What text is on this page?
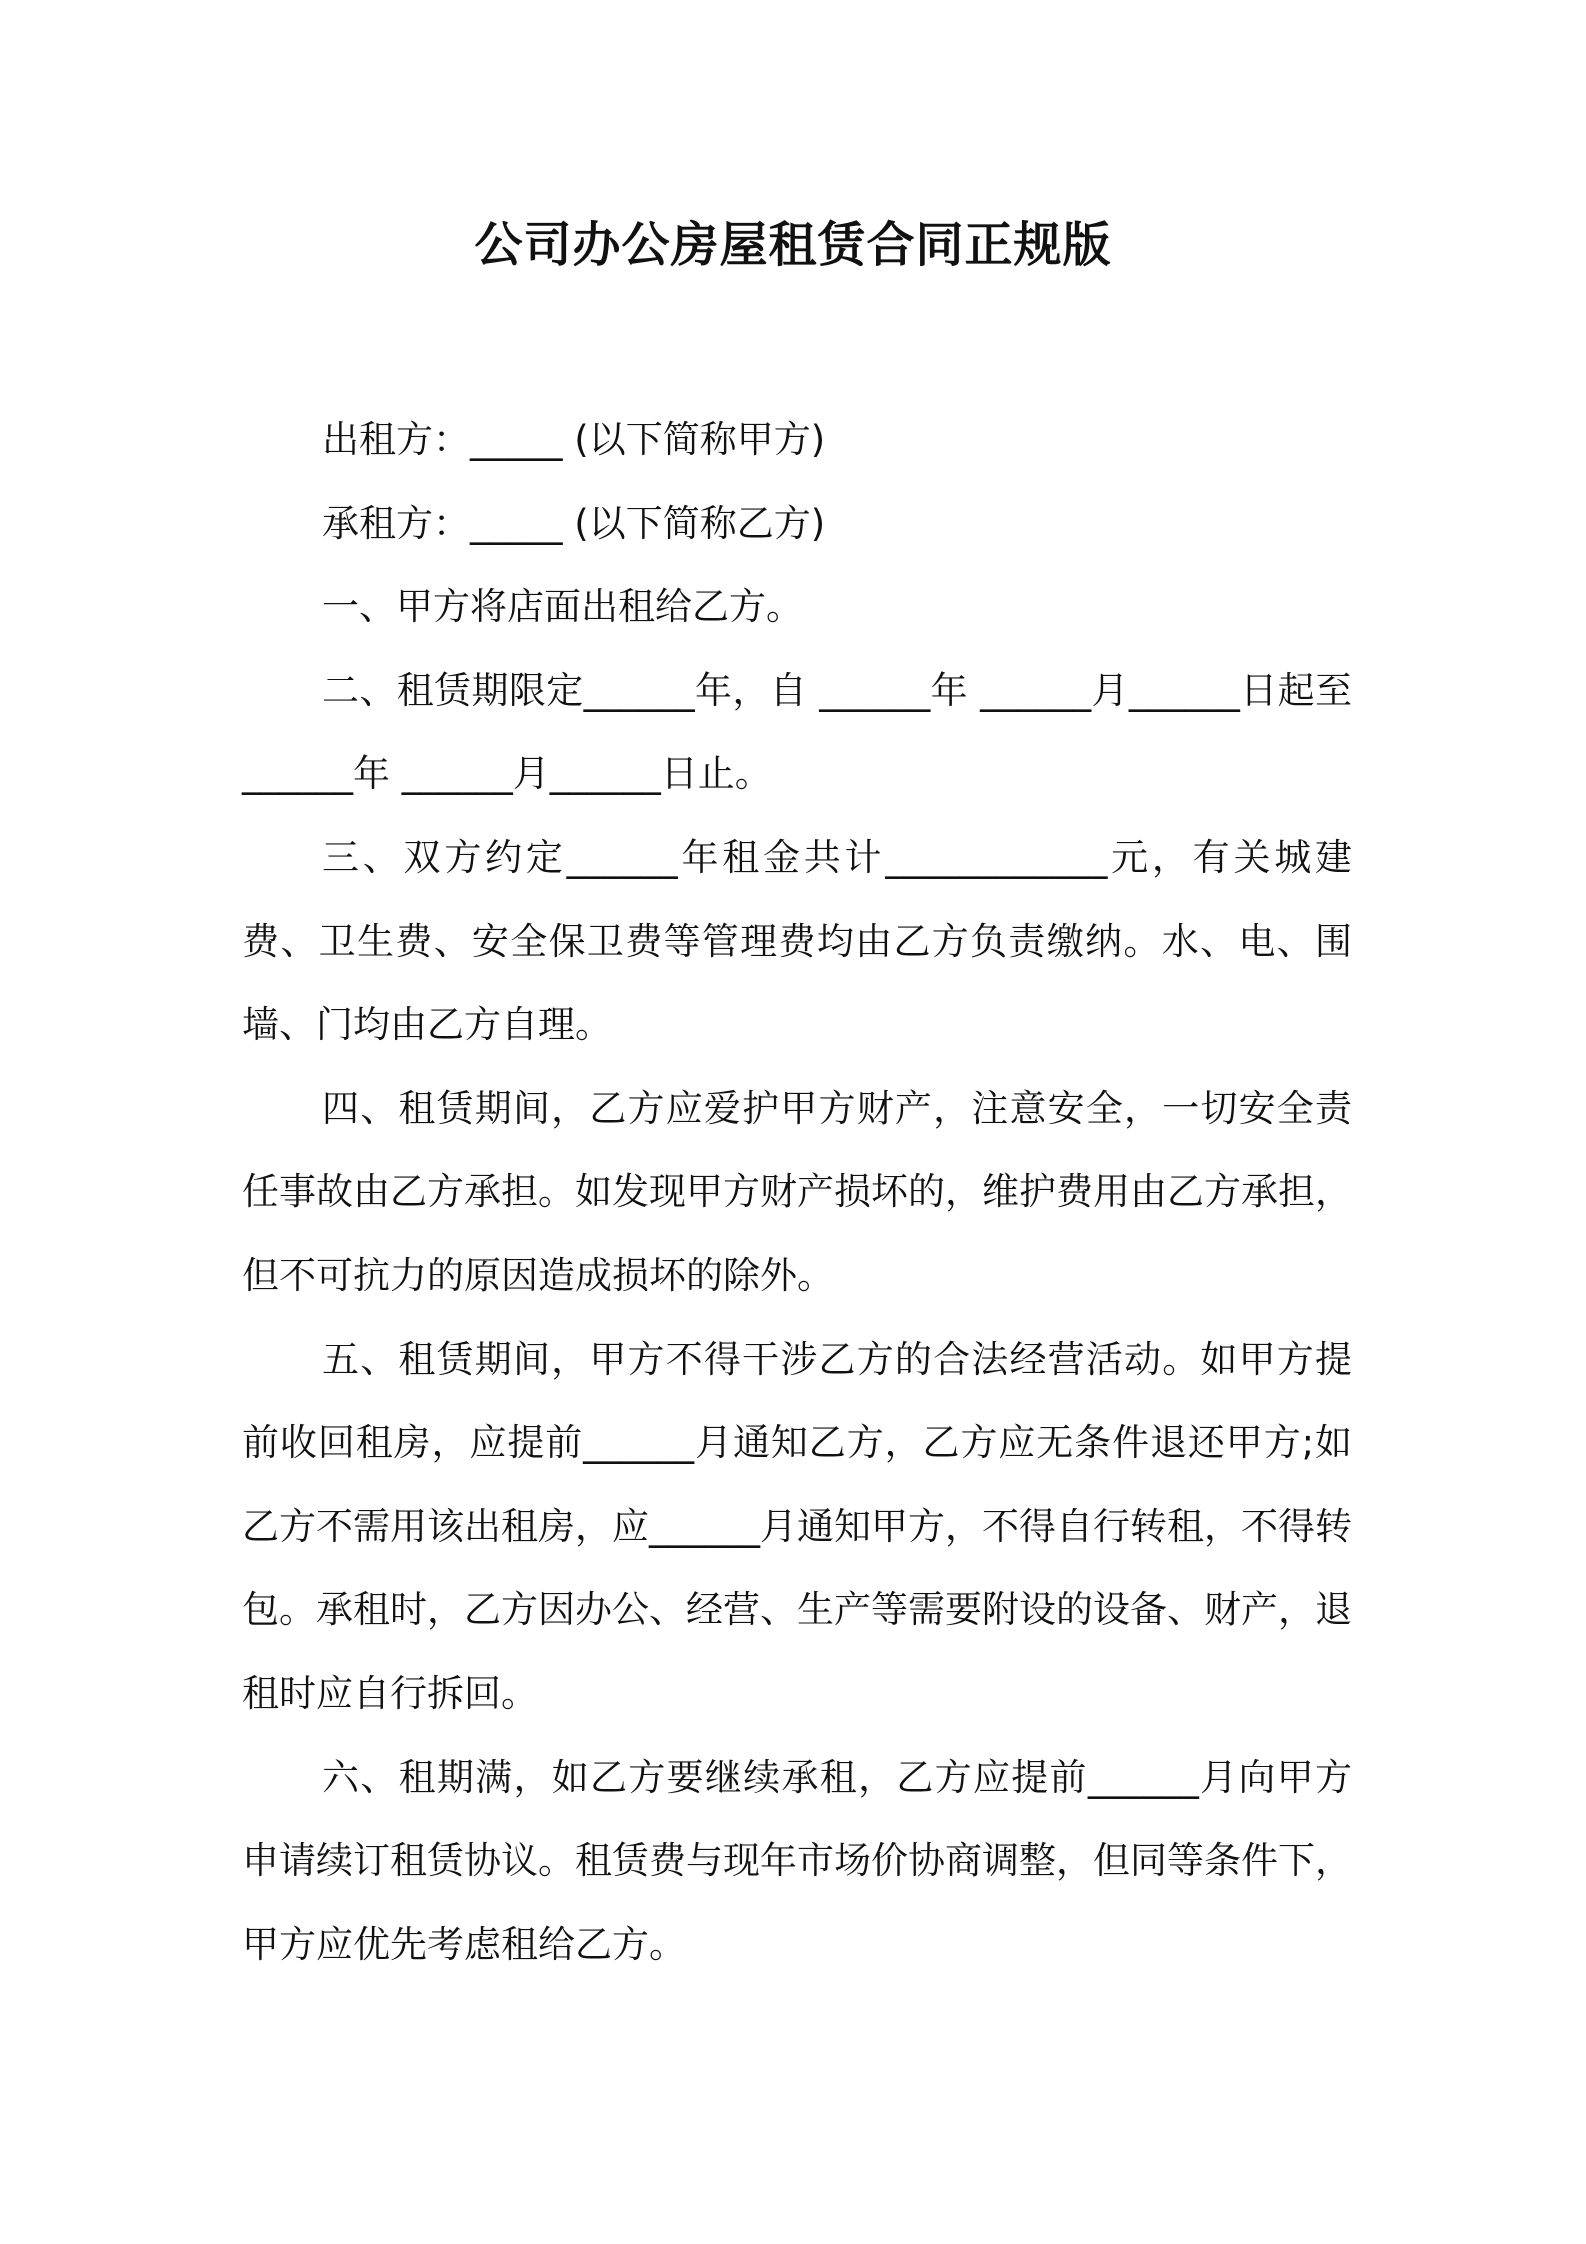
公司办公房屋租赁合同正规版

出租方：_____ (以下简称甲方)

承租方：_____ (以下简称乙方)

一、甲方将店面出租给乙方。

二、租赁期限定______年，自 ______年 ______月______日起至 ______年 ______月______日止。

三、双方约定______年租金共计____________元，有关城建费、卫生费、安全保卫费等管理费均由乙方负责缴纳。水、电、围墙、门均由乙方自理。

四、租赁期间，乙方应爱护甲方财产，注意安全，一切安全责任事故由乙方承担。如发现甲方财产损坏的，维护费用由乙方承担，但不可抗力的原因造成损坏的除外。

五、租赁期间，甲方不得干涉乙方的合法经营活动。如甲方提前收回租房，应提前______月通知乙方，乙方应无条件退还甲方;如乙方不需用该出租房，应______月通知甲方，不得自行转租，不得转包。承租时，乙方因办公、经营、生产等需要附设的设备、财产，退租时应自行拆回。

六、租期满，如乙方要继续承租，乙方应提前______月向甲方申请续订租赁协议。租赁费与现年市场价协商调整，但同等条件下，甲方应优先考虑租给乙方。
